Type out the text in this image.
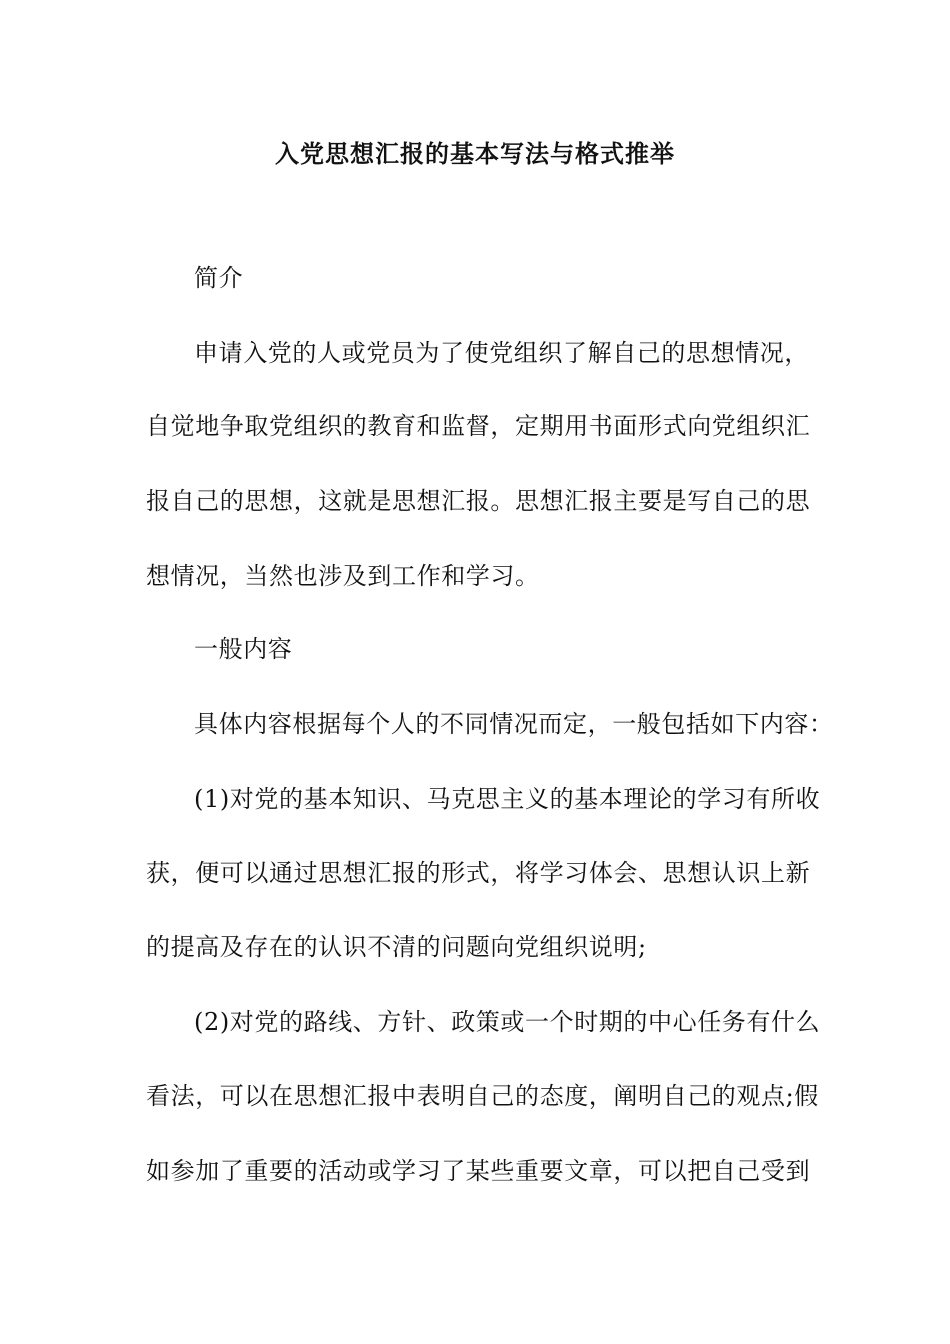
入党思想汇报的基本写法与格式推举
简介
申请入党的人或党员为了使党组织了解自己的思想情况，
自觉地争取党组织的教育和监督，定期用书面形式向党组织汇
报自己的思想，这就是思想汇报。思想汇报主要是写自己的思
想情况，当然也涉及到工作和学习。
一般内容
具体内容根据每个人的不同情况而定，一般包括如下内容：
(1)对党的基本知识、马克思主义的基本理论的学习有所收
获，便可以通过思想汇报的形式，将学习体会、思想认识上新
的提高及存在的认识不清的问题向党组织说明;
(2)对党的路线、方针、政策或一个时期的中心任务有什么
看法，可以在思想汇报中表明自己的态度，阐明自己的观点;假
如参加了重要的活动或学习了某些重要文章，可以把自己受到
